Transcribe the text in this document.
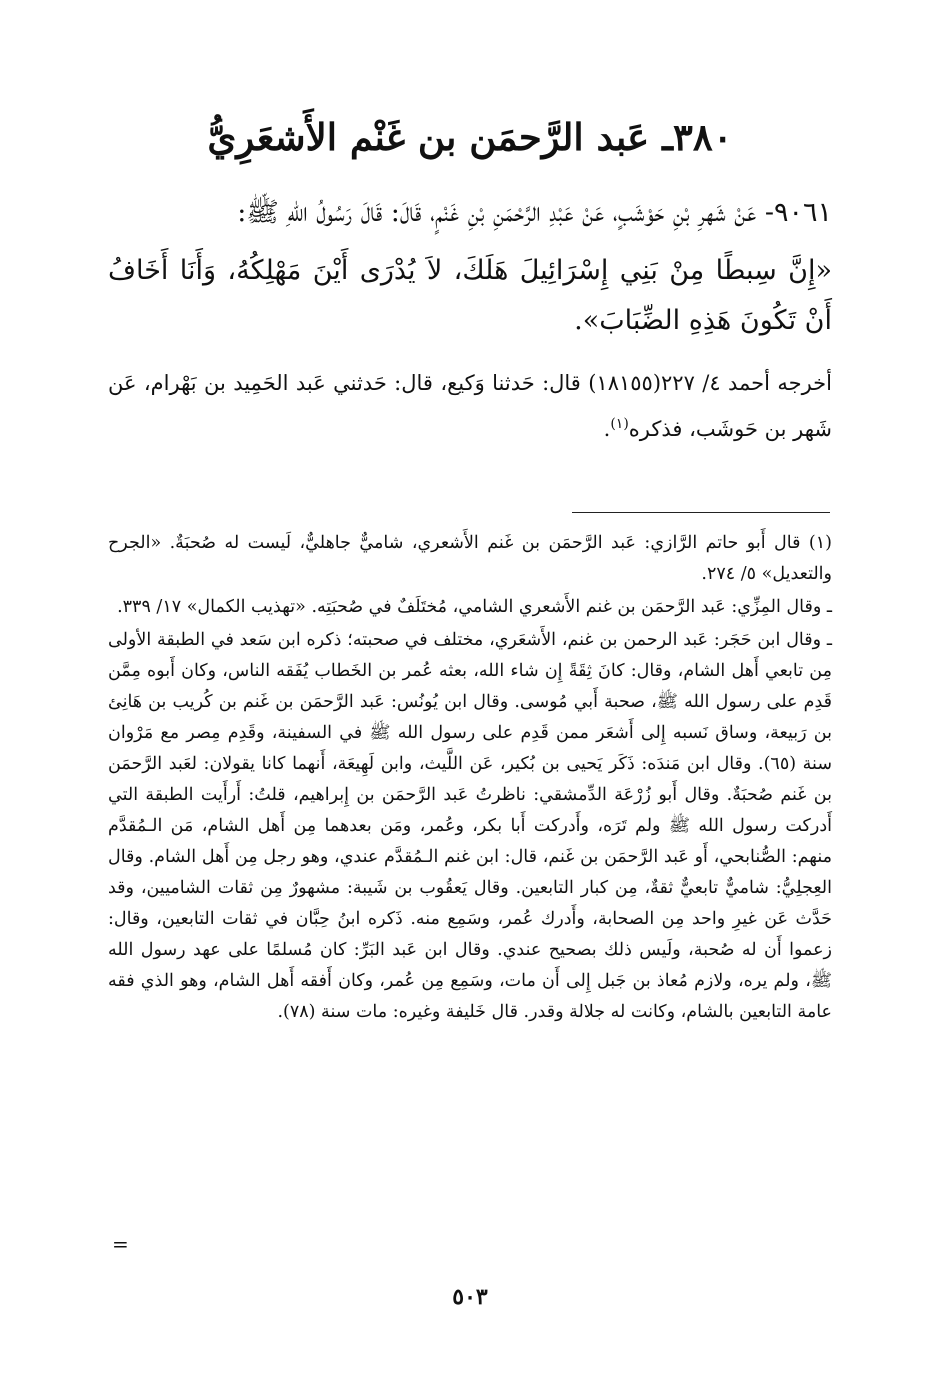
٣٨٠ـ عَبد الرَّحمَن بن غَنْم الأَشعَرِيُّ

٩٠٦١- عَنْ شَهرِ بْنِ حَوْشَبٍ، عَنْ عَبْدِ الرَّحْمَنِ بْنِ غَنْمٍ، قَالَ: قَالَ رَسُولُ اللهِ ﷺ:

«إِنَّ سِبطًا مِنْ بَنِي إِسْرَائِيلَ هَلَكَ، لاَ يُدْرَى أَيْنَ مَهْلِكُهُ، وَأَنَا أَخَافُ أَنْ تَكُونَ هَذِهِ الضِّبَابَ».

أخرجه أحمد ٤/ ٢٢٧(١٨١٥٥) قال: حَدثنا وَكيع، قال: حَدثني عَبد الحَمِيد بن بَهْرام، عَن شَهر بن حَوشَب، فذكره$^{(١)}$.

(١) قال أَبو حاتم الرَّازي: عَبد الرَّحمَن بن غَنم الأَشعري، شاميٌّ جاهليٌّ، لَيست له صُحبَةٌ. «الجرح والتعديل» ٥/ ٢٧٤.

ـ وقال المِزِّي: عَبد الرَّحمَن بن غنم الأَشعري الشامي، مُختَلَفٌ في صُحبَتِه. «تهذيب الكمال» ١٧/ ٣٣٩.

ـ وقال ابن حَجَر: عَبد الرحمن بن غنم، الأَشعَري، مختلف في صحبته؛ ذكره ابن سَعد في الطبقة الأولى مِن تابعي أَهل الشام، وقال: كانَ ثِقَةً إِن شاء الله، بعثه عُمر بن الخَطاب يُفَقه الناس، وكان أَبوه مِمَّن قَدِم على رسول الله ﷺ، صحبة أَبي مُوسى. وقال ابن يُونُس: عَبد الرَّحمَن بن غَنم بن كُريب بن هَانِئ بن رَبيعة، وساق نَسبه إِلى أَشعَر ممن قَدِم على رسول الله ﷺ في السفينة، وقَدِم مِصر مع مَرْوان سنة (٦٥). وقال ابن مَندَه: ذَكَر يَحيى بن بُكير، عَن اللَّيث، وابن لَهِيعَة، أَنهما كانا يقولان: لعَبد الرَّحمَن بن غَنم صُحبَةٌ. وقال أَبو زُرْعَة الدِّمشقي: ناظرتُ عَبد الرَّحمَن بن إِبراهيم، قلتُ: أَرأَيت الطبقة التي أَدركت رسول الله ﷺ ولم تَرَه، وأَدركت أَبا بكر، وعُمر، ومَن بعدهما مِن أَهل الشام، مَن الـمُقدَّم منهم: الصُّنابحي، أَو عَبد الرَّحمَن بن غَنم، قال: ابن غنم الـمُقدَّم عندي، وهو رجل مِن أَهل الشام. وقال العِجلِيُّ: شاميٌّ تابعيٌّ ثقةٌ، مِن كبار التابعين. وقال يَعقُوب بن شَيبة: مشهورٌ مِن ثقات الشاميين، وقد حَدَّث عَن غيرِ واحد مِن الصحابة، وأَدرك عُمر، وسَمِع منه. ذَكره ابنُ حِبَّان في ثقات التابعين، وقال: زعموا أَن له صُحبة، ولَيس ذلك بصحيح عندي. وقال ابن عَبد البَرِّ: كان مُسلمًا على عهد رسول الله ﷺ، ولم يره، ولازم مُعاذ بن جَبل إِلى أَن مات، وسَمِع مِن عُمر، وكان أَفقه أَهل الشام، وهو الذي فقه عامة التابعين بالشام، وكانت له جلالة وقدر. قال خَليفة وغيره: مات سنة (٧٨).

=
٥٠٣
